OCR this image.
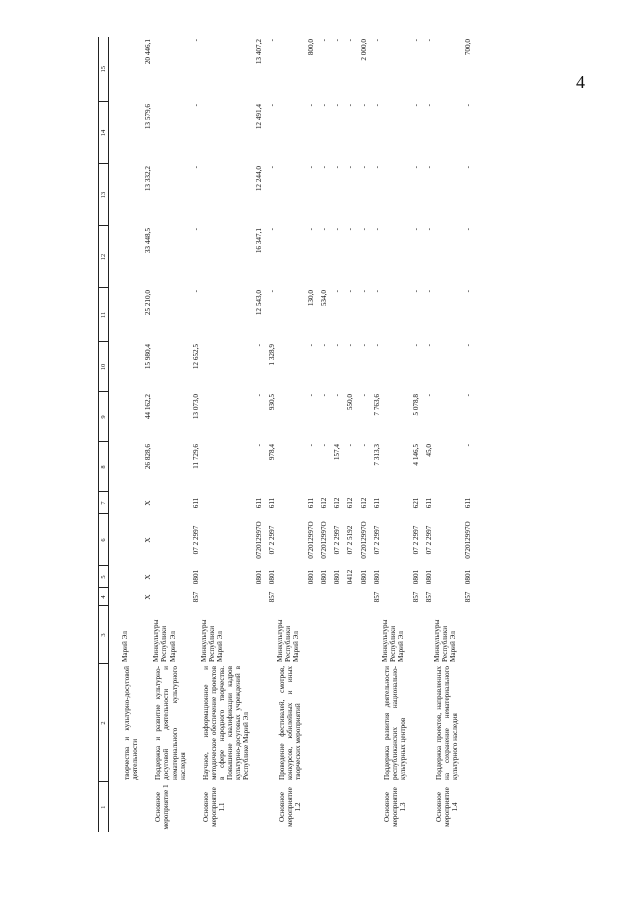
4
1	2	3	4	5	6	7	8	9	10	11	12	13	14	15
	творчества и культурно-досуговой деятельности	Марий Эл												
Основное мероприятие 1	Поддержка и развитие культурно-досуговой деятельности и нематериального культурного наследия	Минкультуры Республики Марий Эл	X	X	X	X	26 828,6	44 162,2	15 980,4	25 210,0	33 448,5	13 332,2	13 579,6	20 446,1
Основное мероприятие 1.1	Научное, информационное и методическое обеспечение проектов в сфере народного творчества. Повышение квалификации кадров культурно-досуговых учреждений в Республике Марий Эл	Минкультуры Республики Марий Эл	857	0801	07 2 2997	611	11 729,6	13 073,0	12 652,5	-	-	-	-	-
				0801	072012997О	611	-	-	-	12 543,0	16 347,1	12 244,0	12 491,4	13 407,2
Основное мероприятие 1.2	Проведение фестивалей, смотров, конкурсов, юбилейных и иных творческих мероприятий	Минкультуры Республики Марий Эл	857	0801	07 2 2997	611	978,4	930,5	1 328,9	-	-	-	-	-
				0801	072012997О	611	-	-	-	130,0	-	-	-	800,0
				0801	072012997О	612	-	-	-	534,0	-	-	-	-
				0801	07 2 2997	612	157,4	-	-	-	-	-	-	-
				0412	07 2 5192	612	-	550,0	-	-	-	-	-	-
				0801	072012997О	612	-	-	-	-	-	-	-	2 000,0
Основное мероприятие 1.3	Поддержка развития деятельности республиканских национально-культурных центров	Минкультуры Республики Марий Эл	857	0801	07 2 2997	611	7 313,3	7 763,6	-	-	-	-	-	-
			857	0801	07 2 2997	621	4 146,5	5 078,8	-	-	-	-	-	-
Основное мероприятие 1.4	Поддержка проектов, направленных на сохранение нематериального культурного наследия	Минкультуры Республики Марий Эл	857	0801	07 2 2997	611	45,0	-	-	-	-	-	-	-
			857	0801	072012997О	611	-	-	-	-	-	-	-	700,0
